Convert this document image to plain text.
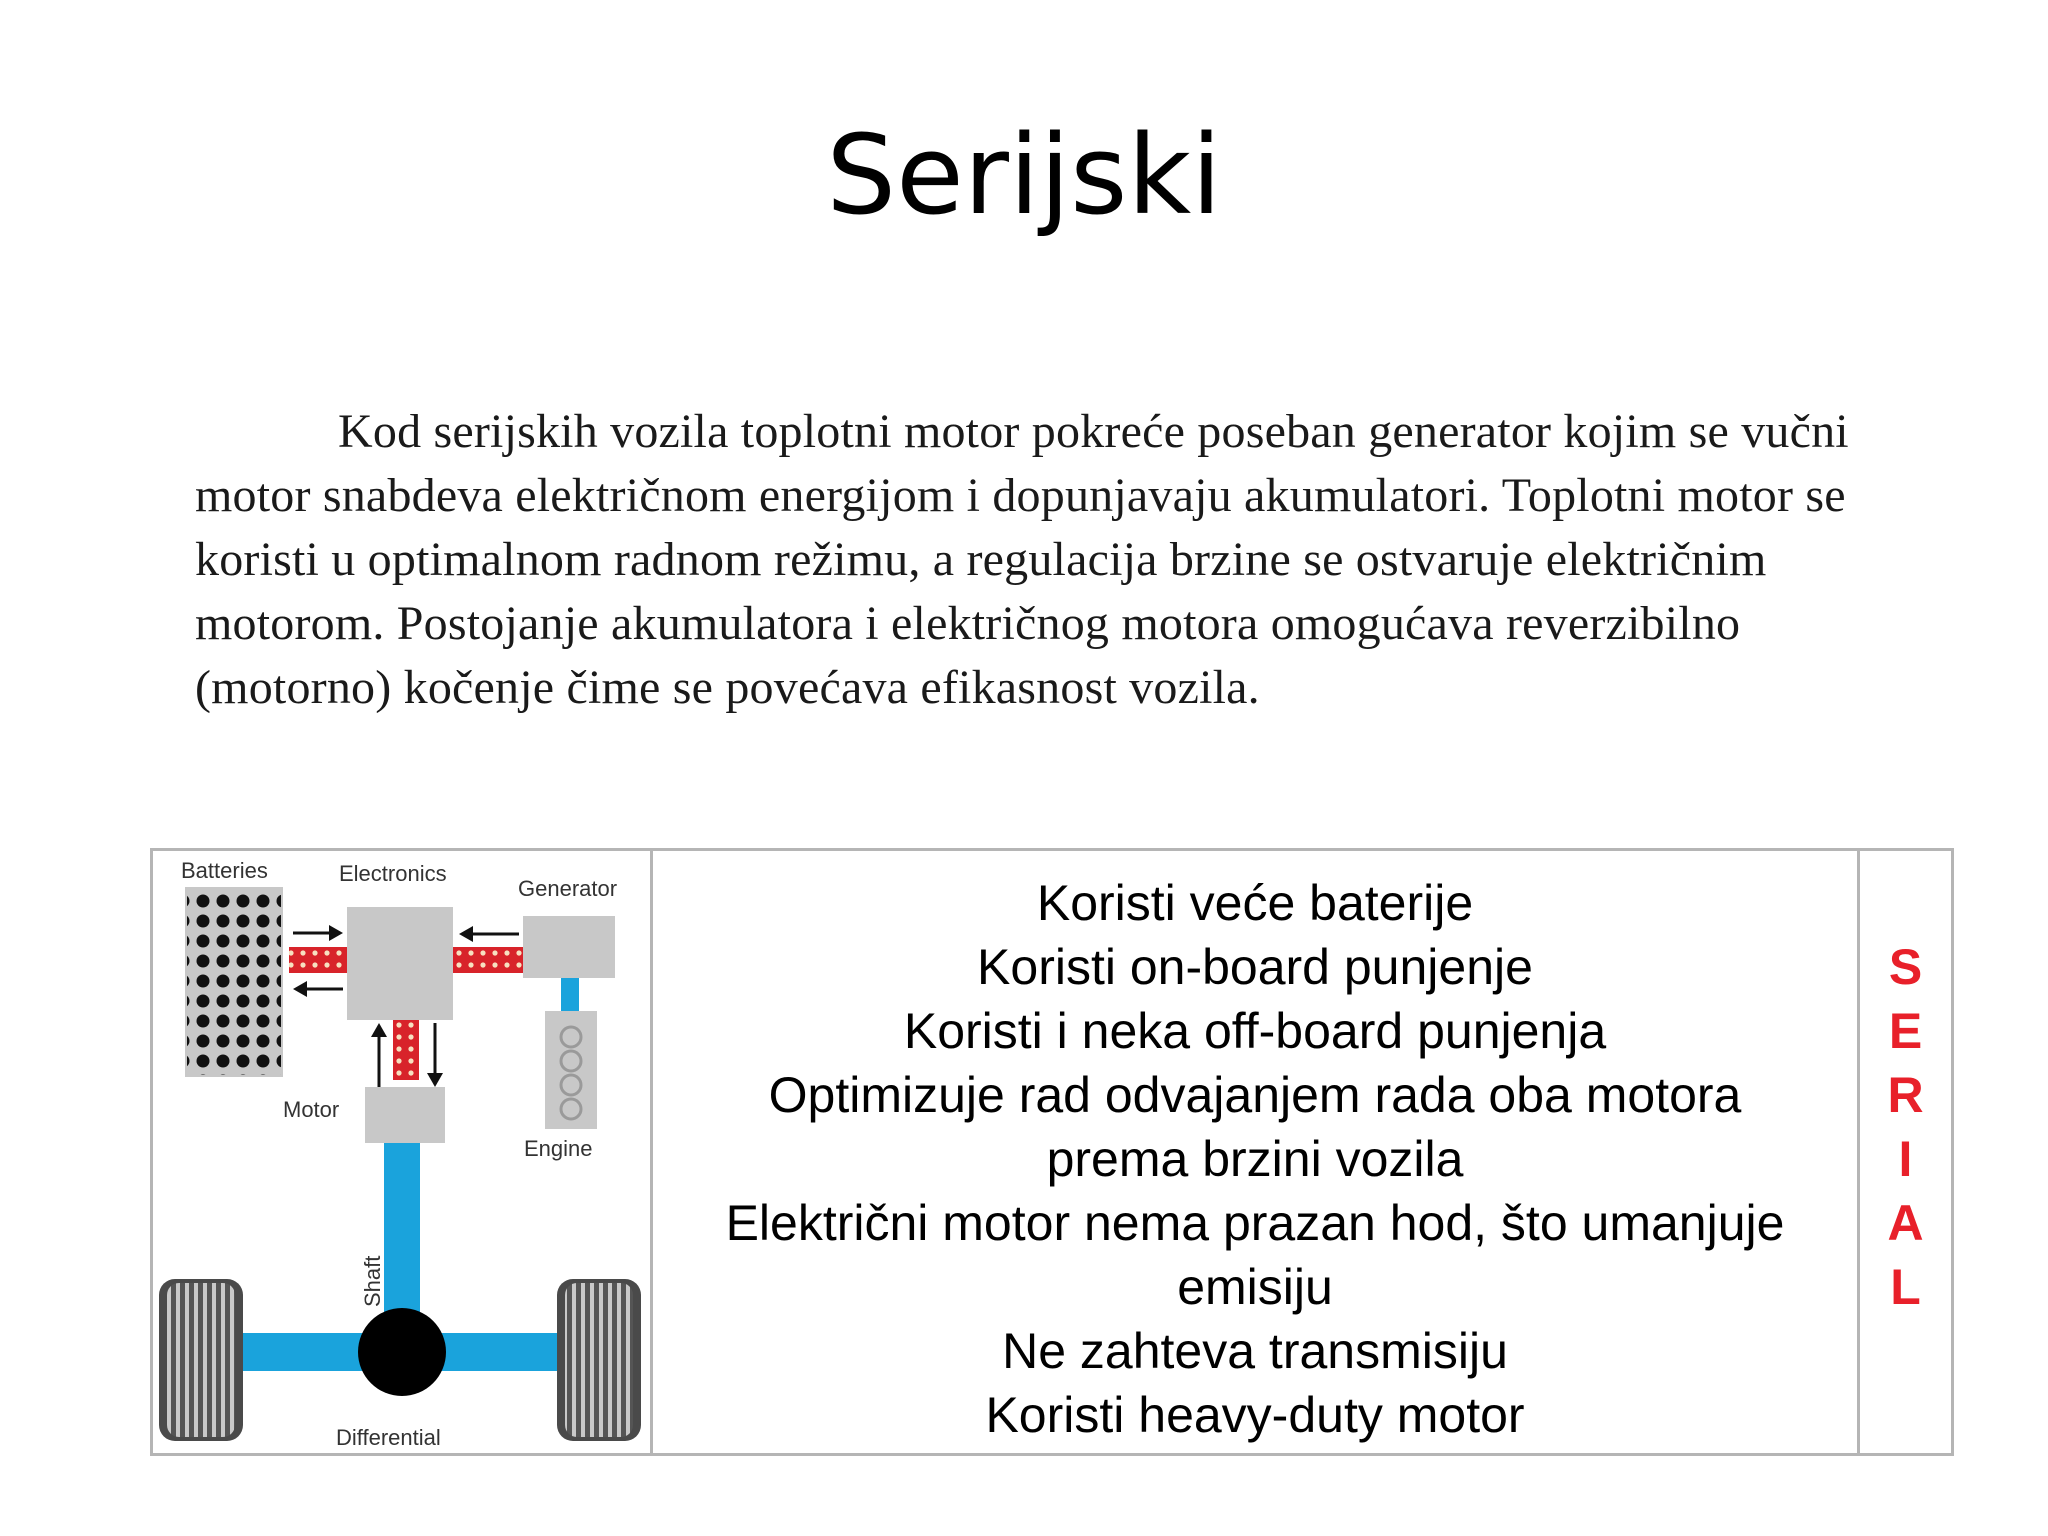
Serijski
Kod serijskih vozila toplotni motor pokreće poseban generator kojim se vučni motor snabdeva električnom energijom i dopunjavaju akumulatori. Toplotni motor se koristi u optimalnom radnom režimu, a regulacija brzine se ostvaruje električnim motorom. Postojanje akumulatora i električnog motora omogućava reverzibilno (motorno) kočenje čime se povećava efikasnost vozila.
Batteries	Electronics
Generator
Motor
Engine
Shaft
Differential
Koristi veće baterije
Koristi on-board punjenje
Koristi i neka off-board punjenja
Optimizuje rad odvajanjem rada oba motora
prema brzini vozila
Električni motor nema prazan hod, što umanjuje
emisiju
Ne zahteva transmisiju
Koristi heavy-duty motor
S
E
R
I
A
L
